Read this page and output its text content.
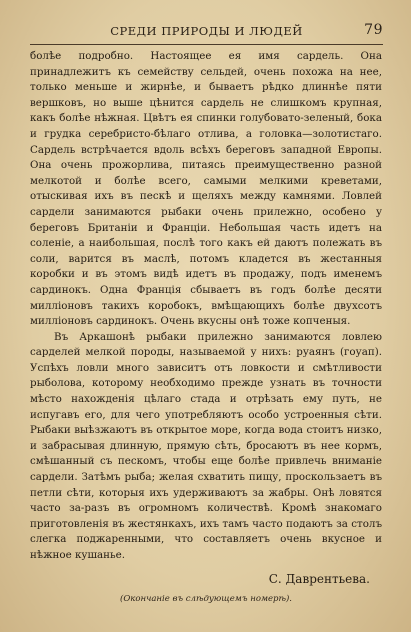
СРЕДИ ПРИРОДЫ И ЛЮДЕЙ	79

болѣе подробно. Настоящее ея имя сардель. Она принадлежитъ къ семейству сельдей, очень похожа на нее, только меньше и жирнѣе, и бываетъ рѣдко длиннѣе пяти вершковъ, но выше цѣнится сардель не слишкомъ крупная, какъ болѣе нѣжная. Цвѣтъ ея спинки голубовато-зеленый, бока и грудка серебристо-бѣлаго отлива, а головка—золотистаго. Сардель встрѣчается вдоль всѣхъ береговъ западной Европы. Она очень прожорлива, питаясь преимущественно разной мелкотой и болѣе всего, самыми мелкими креветами, отыскивая ихъ въ пескѣ и щеляхъ между камнями. Ловлей сардели занимаются рыбаки очень прилежно, особено у береговъ Британіи и Франціи. Небольшая часть идетъ на соленіе, а наибольшая, послѣ того какъ ей даютъ полежать въ соли, варится въ маслѣ, потомъ кладется въ жестанныя коробки и въ этомъ видѣ идетъ въ продажу, подъ именемъ сардинокъ. Одна Франція сбываетъ въ годъ болѣе десяти милліоновъ такихъ коробокъ, вмѣщающихъ болѣе двухсотъ милліоновъ сардинокъ. Очень вкусны онѣ тоже копченыя.

Въ Аркашонѣ рыбаки прилежно занимаются ловлею сарделей мелкой породы, называемой у нихъ: руаянъ (гоуап). Успѣхъ ловли много зависитъ отъ ловкости и смѣтливости рыболова, которому необходимо прежде узнать въ точности мѣсто нахожденія цѣлаго стада и отрѣзать ему путь, не испугавъ его, для чего употребляютъ особо устроенныя сѣти. Рыбаки выѣзжаютъ въ открытое море, когда вода стоитъ низко, и забрасывая длинную, прямую сѣть, бросаютъ въ нее кормъ, смѣшанный съ пескомъ, чтобы еще болѣе привлечь вниманіе сардели. Затѣмъ рыба; желая схватить пищу, проскользаетъ въ петли сѣти, которыя ихъ удерживаютъ за жабры. Онѣ ловятся часто за-разъ въ огромномъ количествѣ. Кромѣ знакомаго приготовленія въ жестянкахъ, ихъ тамъ часто подаютъ за столъ слегка поджаренными, что составляетъ очень вкусное и нѣжное кушанье.

С. Даврентьева.
(Окончаніе въ слѣдующемъ номерѣ).
